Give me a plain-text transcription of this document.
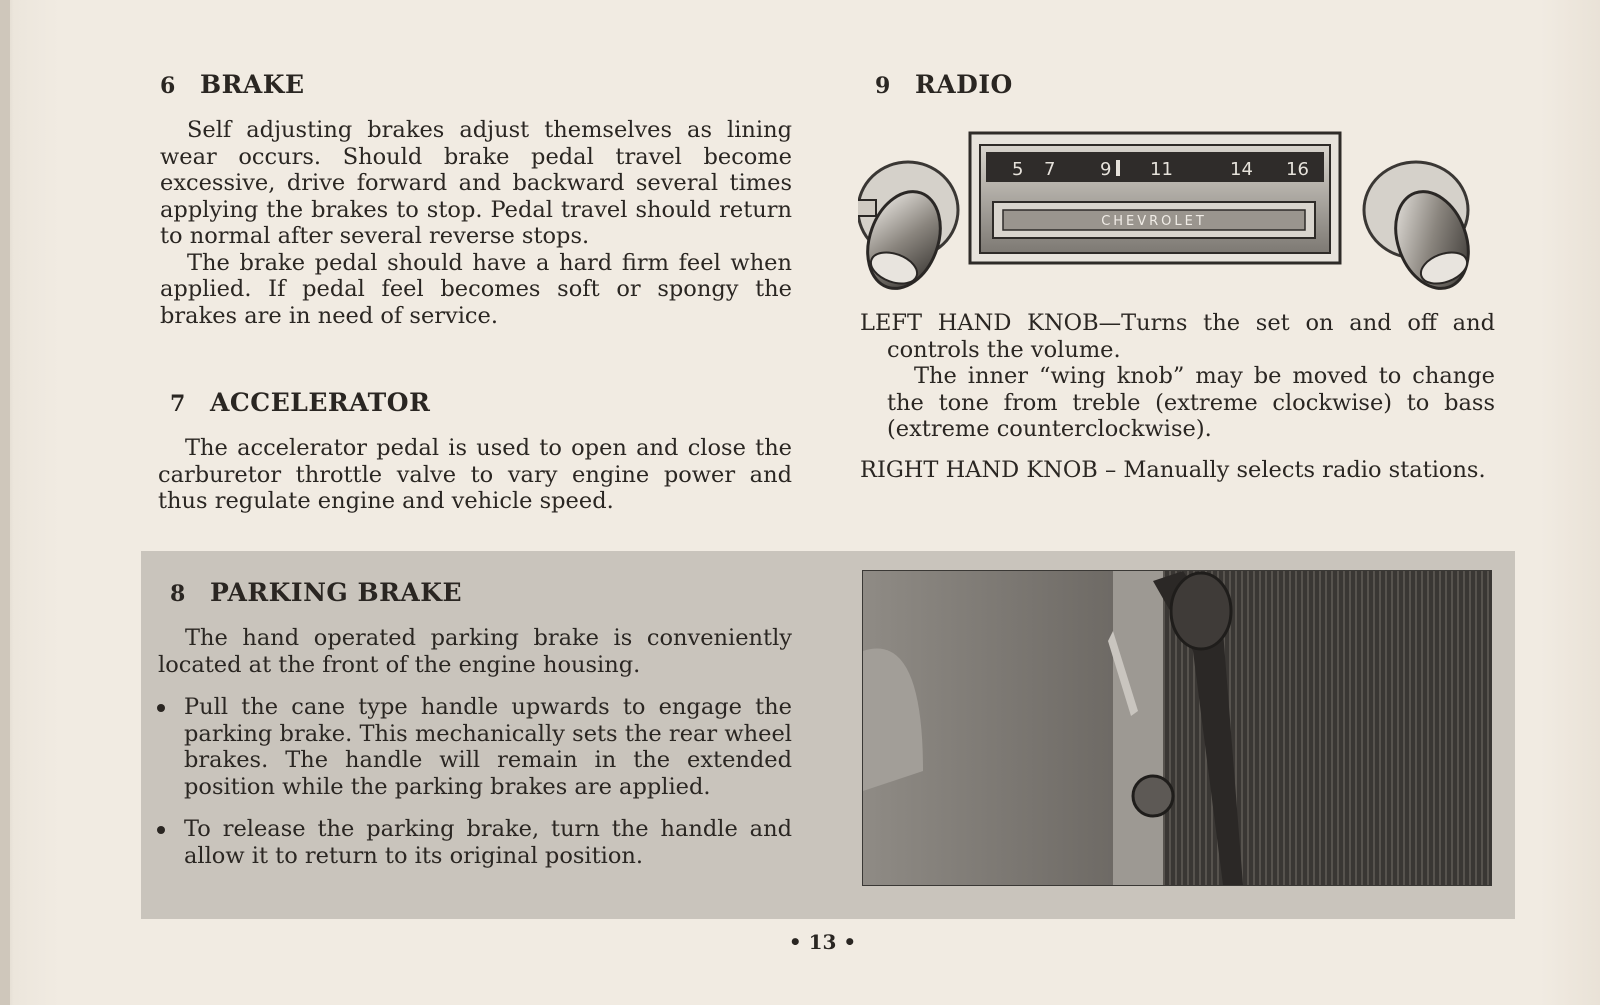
6 BRAKE

Self adjusting brakes adjust themselves as lining wear occurs. Should brake pedal travel become excessive, drive forward and backward several times applying the brakes to stop. Pedal travel should return to normal after several reverse stops.

The brake pedal should have a hard firm feel when applied. If pedal feel becomes soft or spongy the brakes are in need of service.

7 ACCELERATOR

The accelerator pedal is used to open and close the carburetor throttle valve to vary engine power and thus regulate engine and vehicle speed.

9 RADIO
5 7 9 11	14 16
CHEVROLET

LEFT HAND KNOB—Turns the set on and off and controls the volume.

The inner “wing knob” may be moved to change the tone from treble (extreme clockwise) to bass (extreme counterclockwise).

RIGHT HAND KNOB – Manually selects radio stations.

8 PARKING BRAKE

The hand operated parking brake is conveniently located at the front of the engine housing.

Pull the cane type handle upwards to engage the parking brake. This mechanically sets the rear wheel brakes. The handle will remain in the extended position while the parking brakes are applied.
To release the parking brake, turn the handle and allow it to return to its original position.
• 13 •
